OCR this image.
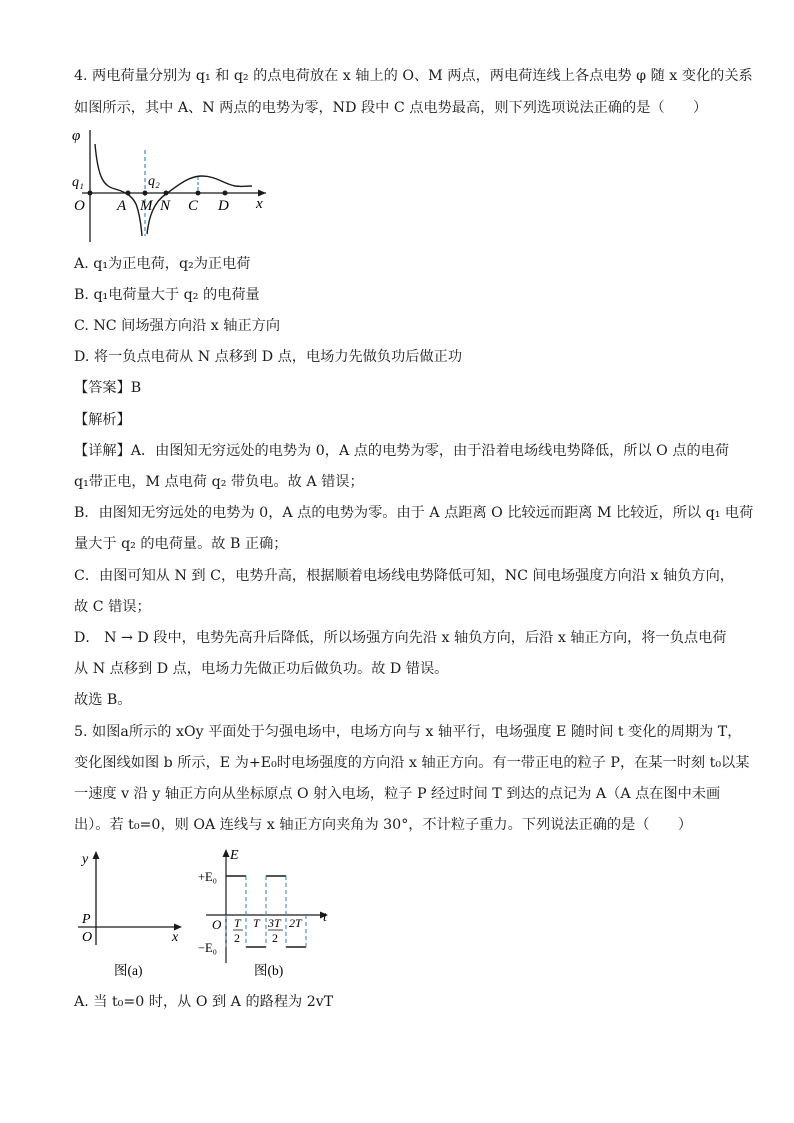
4. 两电荷量分别为 q₁ 和 q₂ 的点电荷放在 x 轴上的 O、M 两点，两电荷连线上各点电势 φ 随 x 变化的关系
如图所示，其中 A、N 两点的电势为零，ND 段中 C 点电势最高，则下列选项说法正确的是（　　）
φ
q₁	q₂
x
O A M N C D
A. q₁为正电荷，q₂为正电荷
B. q₁电荷量大于 q₂ 的电荷量
C. NC 间场强方向沿 x 轴正方向
D. 将一负点电荷从 N 点移到 D 点，电场力先做负功后做正功
【答案】B
【解析】
【详解】A．由图知无穷远处的电势为 0，A 点的电势为零，由于沿着电场线电势降低，所以 O 点的电荷
q₁带正电，M 点电荷 q₂ 带负电。故 A 错误；
B．由图知无穷远处的电势为 0，A 点的电势为零。由于 A 点距离 O 比较远而距离 M 比较近，所以 q₁ 电荷
量大于 q₂ 的电荷量。故 B 正确；
C．由图可知从 N 到 C，电势升高，根据顺着电场线电势降低可知，NC 间电场强度方向沿 x 轴负方向，
故 C 错误；
D． N → D 段中，电势先高升后降低，所以场强方向先沿 x 轴负方向，后沿 x 轴正方向，将一负点电荷
从 N 点移到 D 点，电场力先做正功后做负功。故 D 错误。
故选 B。
5. 如图a所示的 xOy 平面处于匀强电场中，电场方向与 x 轴平行，电场强度 E 随时间 t 变化的周期为 T，
变化图线如图 b 所示，E 为+E₀时电场强度的方向沿 x 轴正方向。有一带正电的粒子 P，在某一时刻 t₀以某
一速度 v 沿 y 轴正方向从坐标原点 O 射入电场，粒子 P 经过时间 T 到达的点记为 A（A 点在图中未画
出）。若 t₀=0，则 OA 连线与 x 轴正方向夹角为 30°，不计粒子重力。下列说法正确的是（　　）
y
x
P
O
图(a)
E
t
+E₀
−E₀
O T
2
T 3T
2
2T
图(b)
A. 当 t₀=0 时，从 O 到 A 的路程为 2vT
